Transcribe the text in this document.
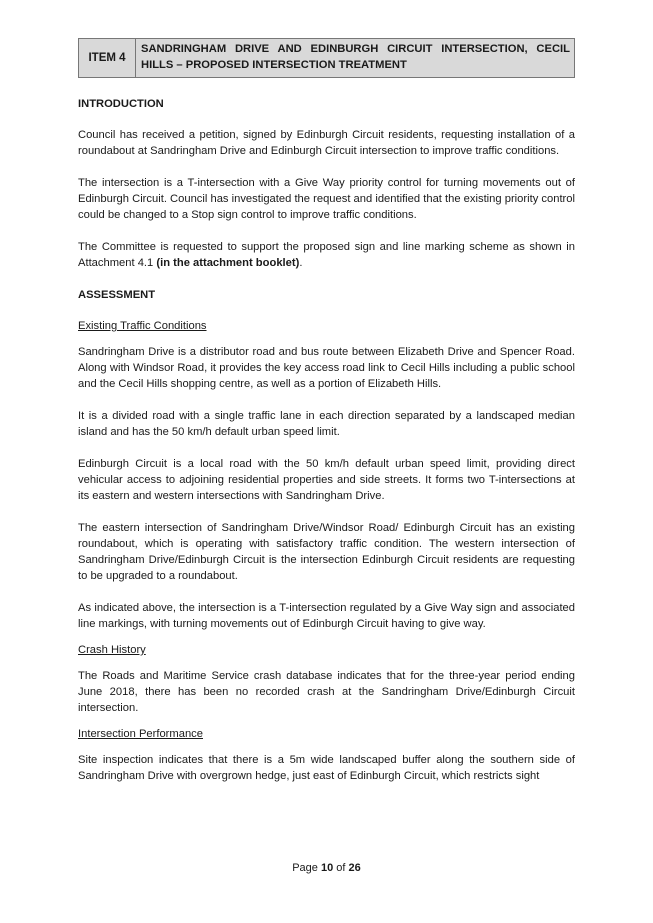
ITEM 4
SANDRINGHAM DRIVE AND EDINBURGH CIRCUIT INTERSECTION, CECIL HILLS – PROPOSED INTERSECTION TREATMENT
INTRODUCTION

Council has received a petition, signed by Edinburgh Circuit residents, requesting installation of a roundabout at Sandringham Drive and Edinburgh Circuit intersection to improve traffic conditions.

The intersection is a T-intersection with a Give Way priority control for turning movements out of Edinburgh Circuit. Council has investigated the request and identified that the existing priority control could be changed to a Stop sign control to improve traffic conditions.

The Committee is requested to support the proposed sign and line marking scheme as shown in Attachment 4.1 (in the attachment booklet).

ASSESSMENT
Existing Traffic Conditions

Sandringham Drive is a distributor road and bus route between Elizabeth Drive and Spencer Road. Along with Windsor Road, it provides the key access road link to Cecil Hills including a public school and the Cecil Hills shopping centre, as well as a portion of Elizabeth Hills.

It is a divided road with a single traffic lane in each direction separated by a landscaped median island and has the 50 km/h default urban speed limit.

Edinburgh Circuit is a local road with the 50 km/h default urban speed limit, providing direct vehicular access to adjoining residential properties and side streets. It forms two T-intersections at its eastern and western intersections with Sandringham Drive.

The eastern intersection of Sandringham Drive/Windsor Road/ Edinburgh Circuit has an existing roundabout, which is operating with satisfactory traffic condition. The western intersection of Sandringham Drive/Edinburgh Circuit is the intersection Edinburgh Circuit residents are requesting to be upgraded to a roundabout.

As indicated above, the intersection is a T-intersection regulated by a Give Way sign and associated line markings, with turning movements out of Edinburgh Circuit having to give way.

Crash History

The Roads and Maritime Service crash database indicates that for the three-year period ending June 2018, there has been no recorded crash at the Sandringham Drive/Edinburgh Circuit intersection.

Intersection Performance

Site inspection indicates that there is a 5m wide landscaped buffer along the southern side of Sandringham Drive with overgrown hedge, just east of Edinburgh Circuit, which restricts sight

Page 10 of 26
